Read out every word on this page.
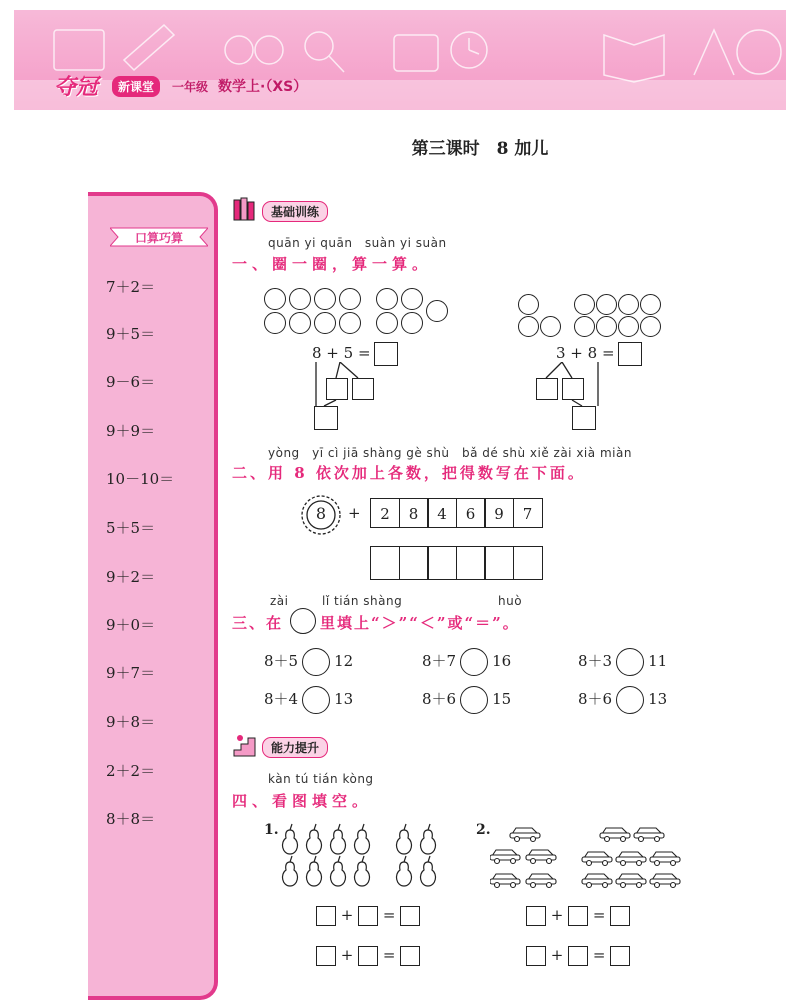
夺冠	新课堂	一年级 数学上·（XS）
第三课时　8 加儿
口算巧算
7＋2＝
9＋5＝
9－6＝
9＋9＝
10－10＝
5＋5＝
9＋2＝
9＋0＝
9＋7＝
9＋8＝
2＋2＝
8＋8＝
基础训练
quān yi quān　suàn yi suàn
一、圈一圈，算一算。
8 + 5 =	3 + 8 =
yòng　yī cì jiā shàng gè shù　bǎ dé shù xiě zài xià miàn
二、用 8 依次加上各数，把得数写在下面。
8	+	2	8	4	6	9	7
zài	lǐ tián shàng	huò
三、在 里填上“＞”“＜”或“＝”。
8＋5 12	8＋7 16	8＋3 11
8＋4 13	8＋6 15	8＋6 13
能力提升
kàn tú tián kòng
四、看图填空。
1.	2.
+ =
+ =
+ =
+ =
